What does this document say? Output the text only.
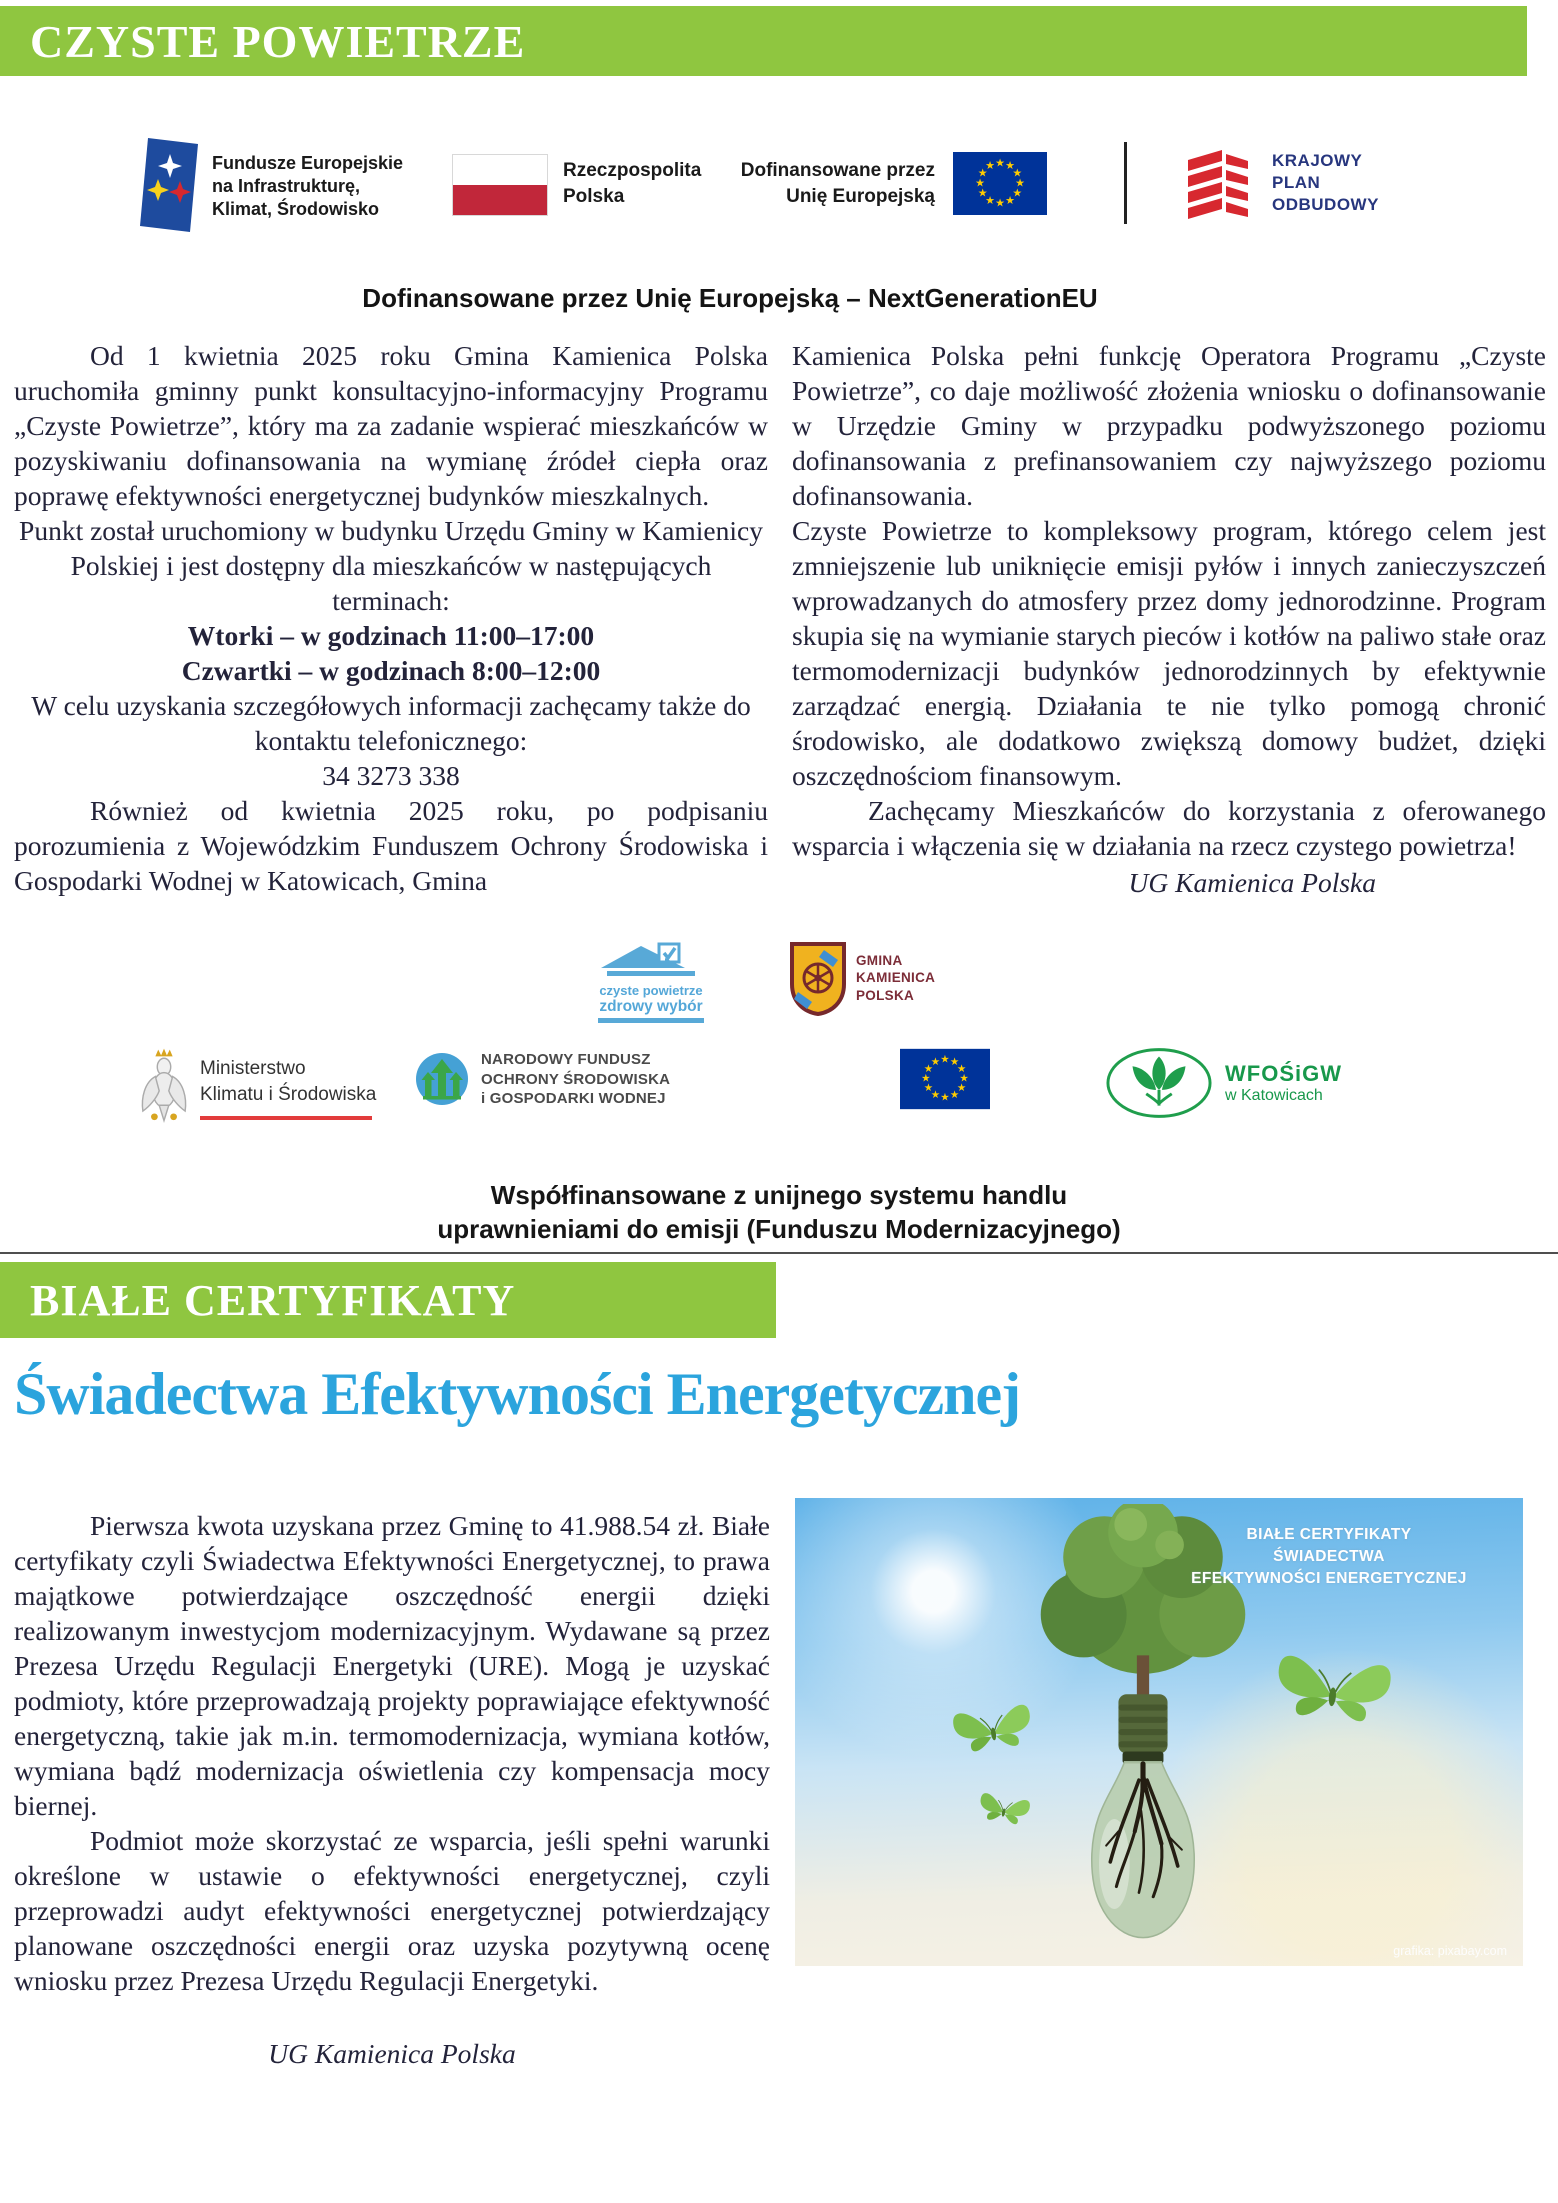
CZYSTE POWIETRZE
Fundusze Europejskie
na Infrastrukturę,
Klimat, Środowisko
Rzeczpospolita
Polska
Dofinansowane przez
Unię Europejską
★ ★
★
★
★
★
★
★
★
★
★
★	KRAJOWY
PLAN
ODBUDOWY
Dofinansowane przez Unię Europejską – NextGenerationEU

Od 1 kwietnia 2025 roku Gmina Kamienica Polska uruchomiła gminny punkt konsultacyjno-informacyjny Programu „Czyste Powietrze”, który ma za zadanie wspierać mieszkańców w pozyskiwaniu dofinansowania na wymianę źródeł ciepła oraz poprawę efektywności energetycznej budynków mieszkalnych.

Punkt został uruchomiony w budynku Urzędu Gminy w Kamienicy Polskiej i jest dostępny dla mieszkańców w następujących terminach:

Wtorki – w godzinach 11:00–17:00

Czwartki – w godzinach 8:00–12:00

W celu uzyskania szczegółowych informacji zachęcamy także do kontaktu telefonicznego:

34 3273 338

Również od kwietnia 2025 roku, po podpisaniu porozumienia z Wojewódzkim Funduszem Ochrony Środowiska i Gospodarki Wodnej w Katowicach, Gmina

Kamienica Polska pełni funkcję Operatora Programu „Czyste Powietrze”, co daje możliwość złożenia wniosku o dofinansowanie w Urzędzie Gminy w przypadku podwyższonego poziomu dofinansowania z prefinansowaniem czy najwyższego poziomu dofinansowania.

Czyste Powietrze to kompleksowy program, którego celem jest zmniejszenie lub uniknięcie emisji pyłów i innych zanieczyszczeń wprowadzanych do atmosfery przez domy jednorodzinne. Program skupia się na wymianie starych pieców i kotłów na paliwo stałe oraz termomodernizacji budynków jednorodzinnych by efektywnie zarządzać energią. Działania te nie tylko pomogą chronić środowisko, ale dodatkowo zwiększą domowy budżet, dzięki oszczędnościom finansowym.

Zachęcamy Mieszkańców do korzystania z oferowanego wsparcia i włączenia się w działania na rzecz czystego powietrza!

UG Kamienica Polska

czyste powietrze
zdrowy wybór
GMINA
KAMIENICA
POLSKA
Ministerstwo
Klimatu i Środowiska
NARODOWY FUNDUSZ
OCHRONY ŚRODOWISKA
i GOSPODARKI WODNEJ
★ ★
★
★
★
★
★
★
★
★
★
★	WFOŚiGW
w Katowicach
Współfinansowane z unijnego systemu handlu
uprawnieniami do emisji (Funduszu Modernizacyjnego)
BIAŁE CERTYFIKATY
Świadectwa Efektywności Energetycznej

Pierwsza kwota uzyskana przez Gminę to 41.988.54 zł. Białe certyfikaty czyli Świadectwa Efektywności Energetycznej, to prawa majątkowe potwierdzające oszczędność energii dzięki realizowanym inwestycjom modernizacyjnym. Wydawane są przez Prezesa Urzędu Regulacji Energetyki (URE). Mogą je uzyskać podmioty, które przeprowadzają projekty poprawiające efektywność energetyczną, takie jak m.in. termomodernizacja, wymiana kotłów, wymiana bądź modernizacja oświetlenia czy kompensacja mocy biernej.

Podmiot może skorzystać ze wsparcia, jeśli spełni warunki określone w ustawie o efektywności energetycznej, czyli przeprowadzi audyt efektywności energetycznej potwierdzający planowane oszczędności energii oraz uzyska pozytywną ocenę wniosku przez Prezesa Urzędu Regulacji Energetyki.

UG Kamienica Polska

BIAŁE CERTYFIKATY
ŚWIADECTWA
EFEKTYWNOŚCI ENERGETYCZNEJ
grafika: pixabay.com
